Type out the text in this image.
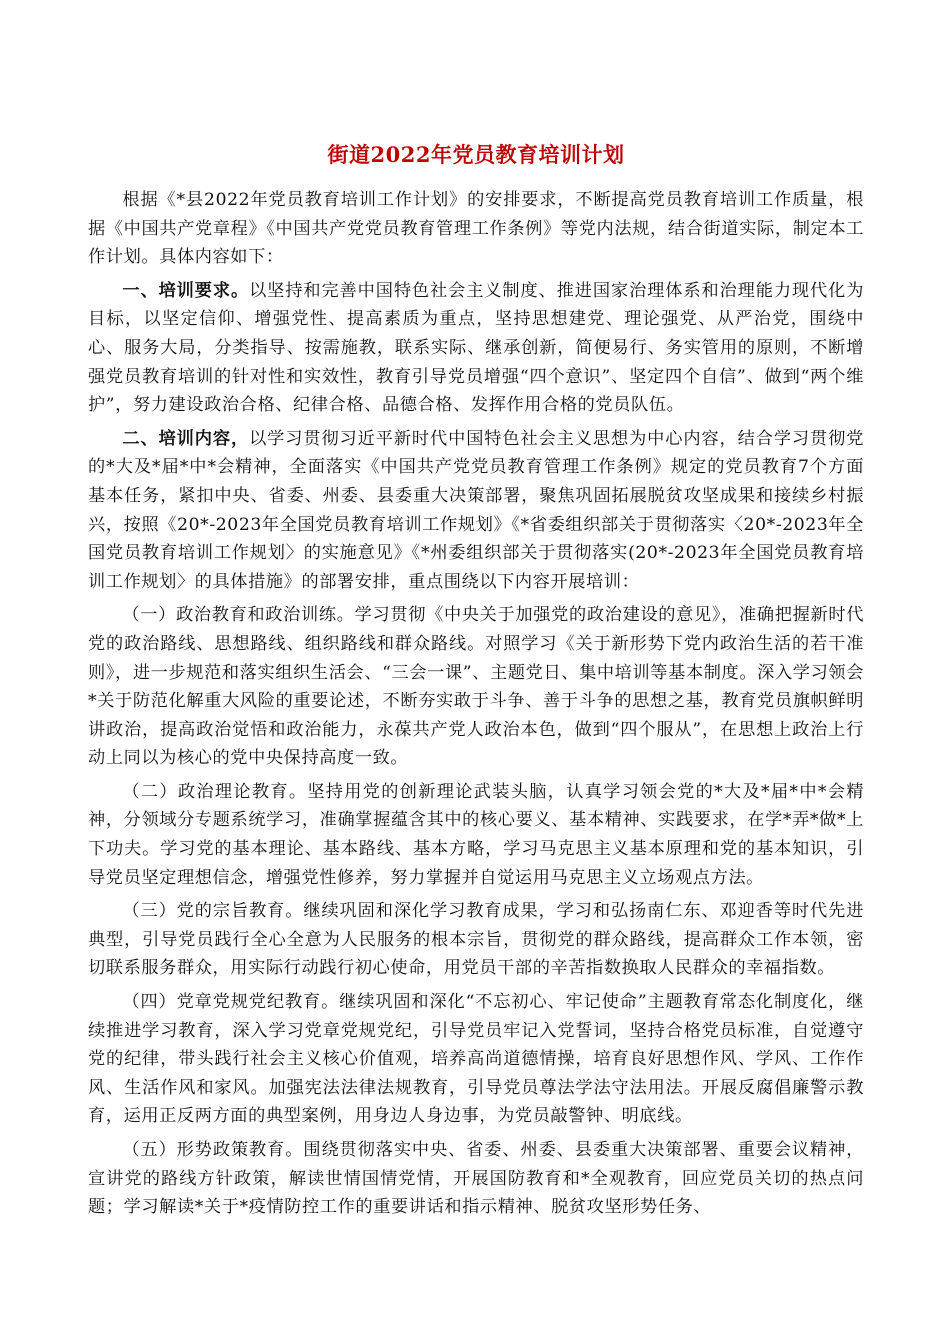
街道2022年党员教育培训计划

根据《*县2022年党员教育培训工作计划》的安排要求，不断提高党员教育培训工作质量，根据《中国共产党章程》《中国共产党党员教育管理工作条例》等党内法规，结合街道实际，制定本工作计划。具体内容如下：

一、培训要求。以坚持和完善中国特色社会主义制度、推进国家治理体系和治理能力现代化为目标，以坚定信仰、增强党性、提高素质为重点，坚持思想建党、理论强党、从严治党，围绕中心、服务大局，分类指导、按需施教，联系实际、继承创新，简便易行、务实管用的原则，不断增强党员教育培训的针对性和实效性，教育引导党员增强“四个意识”、坚定四个自信”、做到“两个维护”，努力建设政治合格、纪律合格、品德合格、发挥作用合格的党员队伍。

二、培训内容，以学习贯彻习近平新时代中国特色社会主义思想为中心内容，结合学习贯彻党的*大及*届*中*会精神，全面落实《中国共产党党员教育管理工作条例》规定的党员教育7个方面基本任务，紧扣中央、省委、州委、县委重大决策部署，聚焦巩固拓展脱贫攻坚成果和接续乡村振兴，按照《20*-2023年全国党员教育培训工作规划》《*省委组织部关于贯彻落实〈20*-2023年全国党员教育培训工作规划〉的实施意见》《*州委组织部关于贯彻落实(20*-2023年全国党员教育培训工作规划〉的具体措施》的部署安排，重点围绕以下内容开展培训：

（一）政治教育和政治训练。学习贯彻《中央关于加强党的政治建设的意见》，准确把握新时代党的政治路线、思想路线、组织路线和群众路线。对照学习《关于新形势下党内政治生活的若干准则》，进一步规范和落实组织生活会、“三会一课”、主题党日、集中培训等基本制度。深入学习领会*关于防范化解重大风险的重要论述，不断夯实敢于斗争、善于斗争的思想之基，教育党员旗帜鲜明讲政治，提高政治觉悟和政治能力，永葆共产党人政治本色，做到“四个服从”，在思想上政治上行动上同以为核心的党中央保持高度一致。

（二）政治理论教育。坚持用党的创新理论武装头脑，认真学习领会党的*大及*届*中*会精神，分领域分专题系统学习，准确掌握蕴含其中的核心要义、基本精神、实践要求，在学*弄*做*上下功夫。学习党的基本理论、基本路线、基本方略，学习马克思主义基本原理和党的基本知识，引导党员坚定理想信念，增强党性修养，努力掌握并自觉运用马克思主义立场观点方法。

（三）党的宗旨教育。继续巩固和深化学习教育成果，学习和弘扬南仁东、邓迎香等时代先进典型，引导党员践行全心全意为人民服务的根本宗旨，贯彻党的群众路线，提高群众工作本领，密切联系服务群众，用实际行动践行初心使命，用党员干部的辛苦指数换取人民群众的幸福指数。

（四）党章党规党纪教育。继续巩固和深化“不忘初心、牢记使命”主题教育常态化制度化，继续推进学习教育，深入学习党章党规党纪，引导党员牢记入党誓词，坚持合格党员标准，自觉遵守党的纪律，带头践行社会主义核心价值观，培养高尚道德情操，培育良好思想作风、学风、工作作风、生活作风和家风。加强宪法法律法规教育，引导党员尊法学法守法用法。开展反腐倡廉警示教育，运用正反两方面的典型案例，用身边人身边事，为党员敲警钟、明底线。

（五）形势政策教育。围绕贯彻落实中央、省委、州委、县委重大决策部署、重要会议精神，宣讲党的路线方针政策，解读世情国情党情，开展国防教育和*全观教育，回应党员关切的热点问题；学习解读*关于*疫情防控工作的重要讲话和指示精神、脱贫攻坚形势任务、
